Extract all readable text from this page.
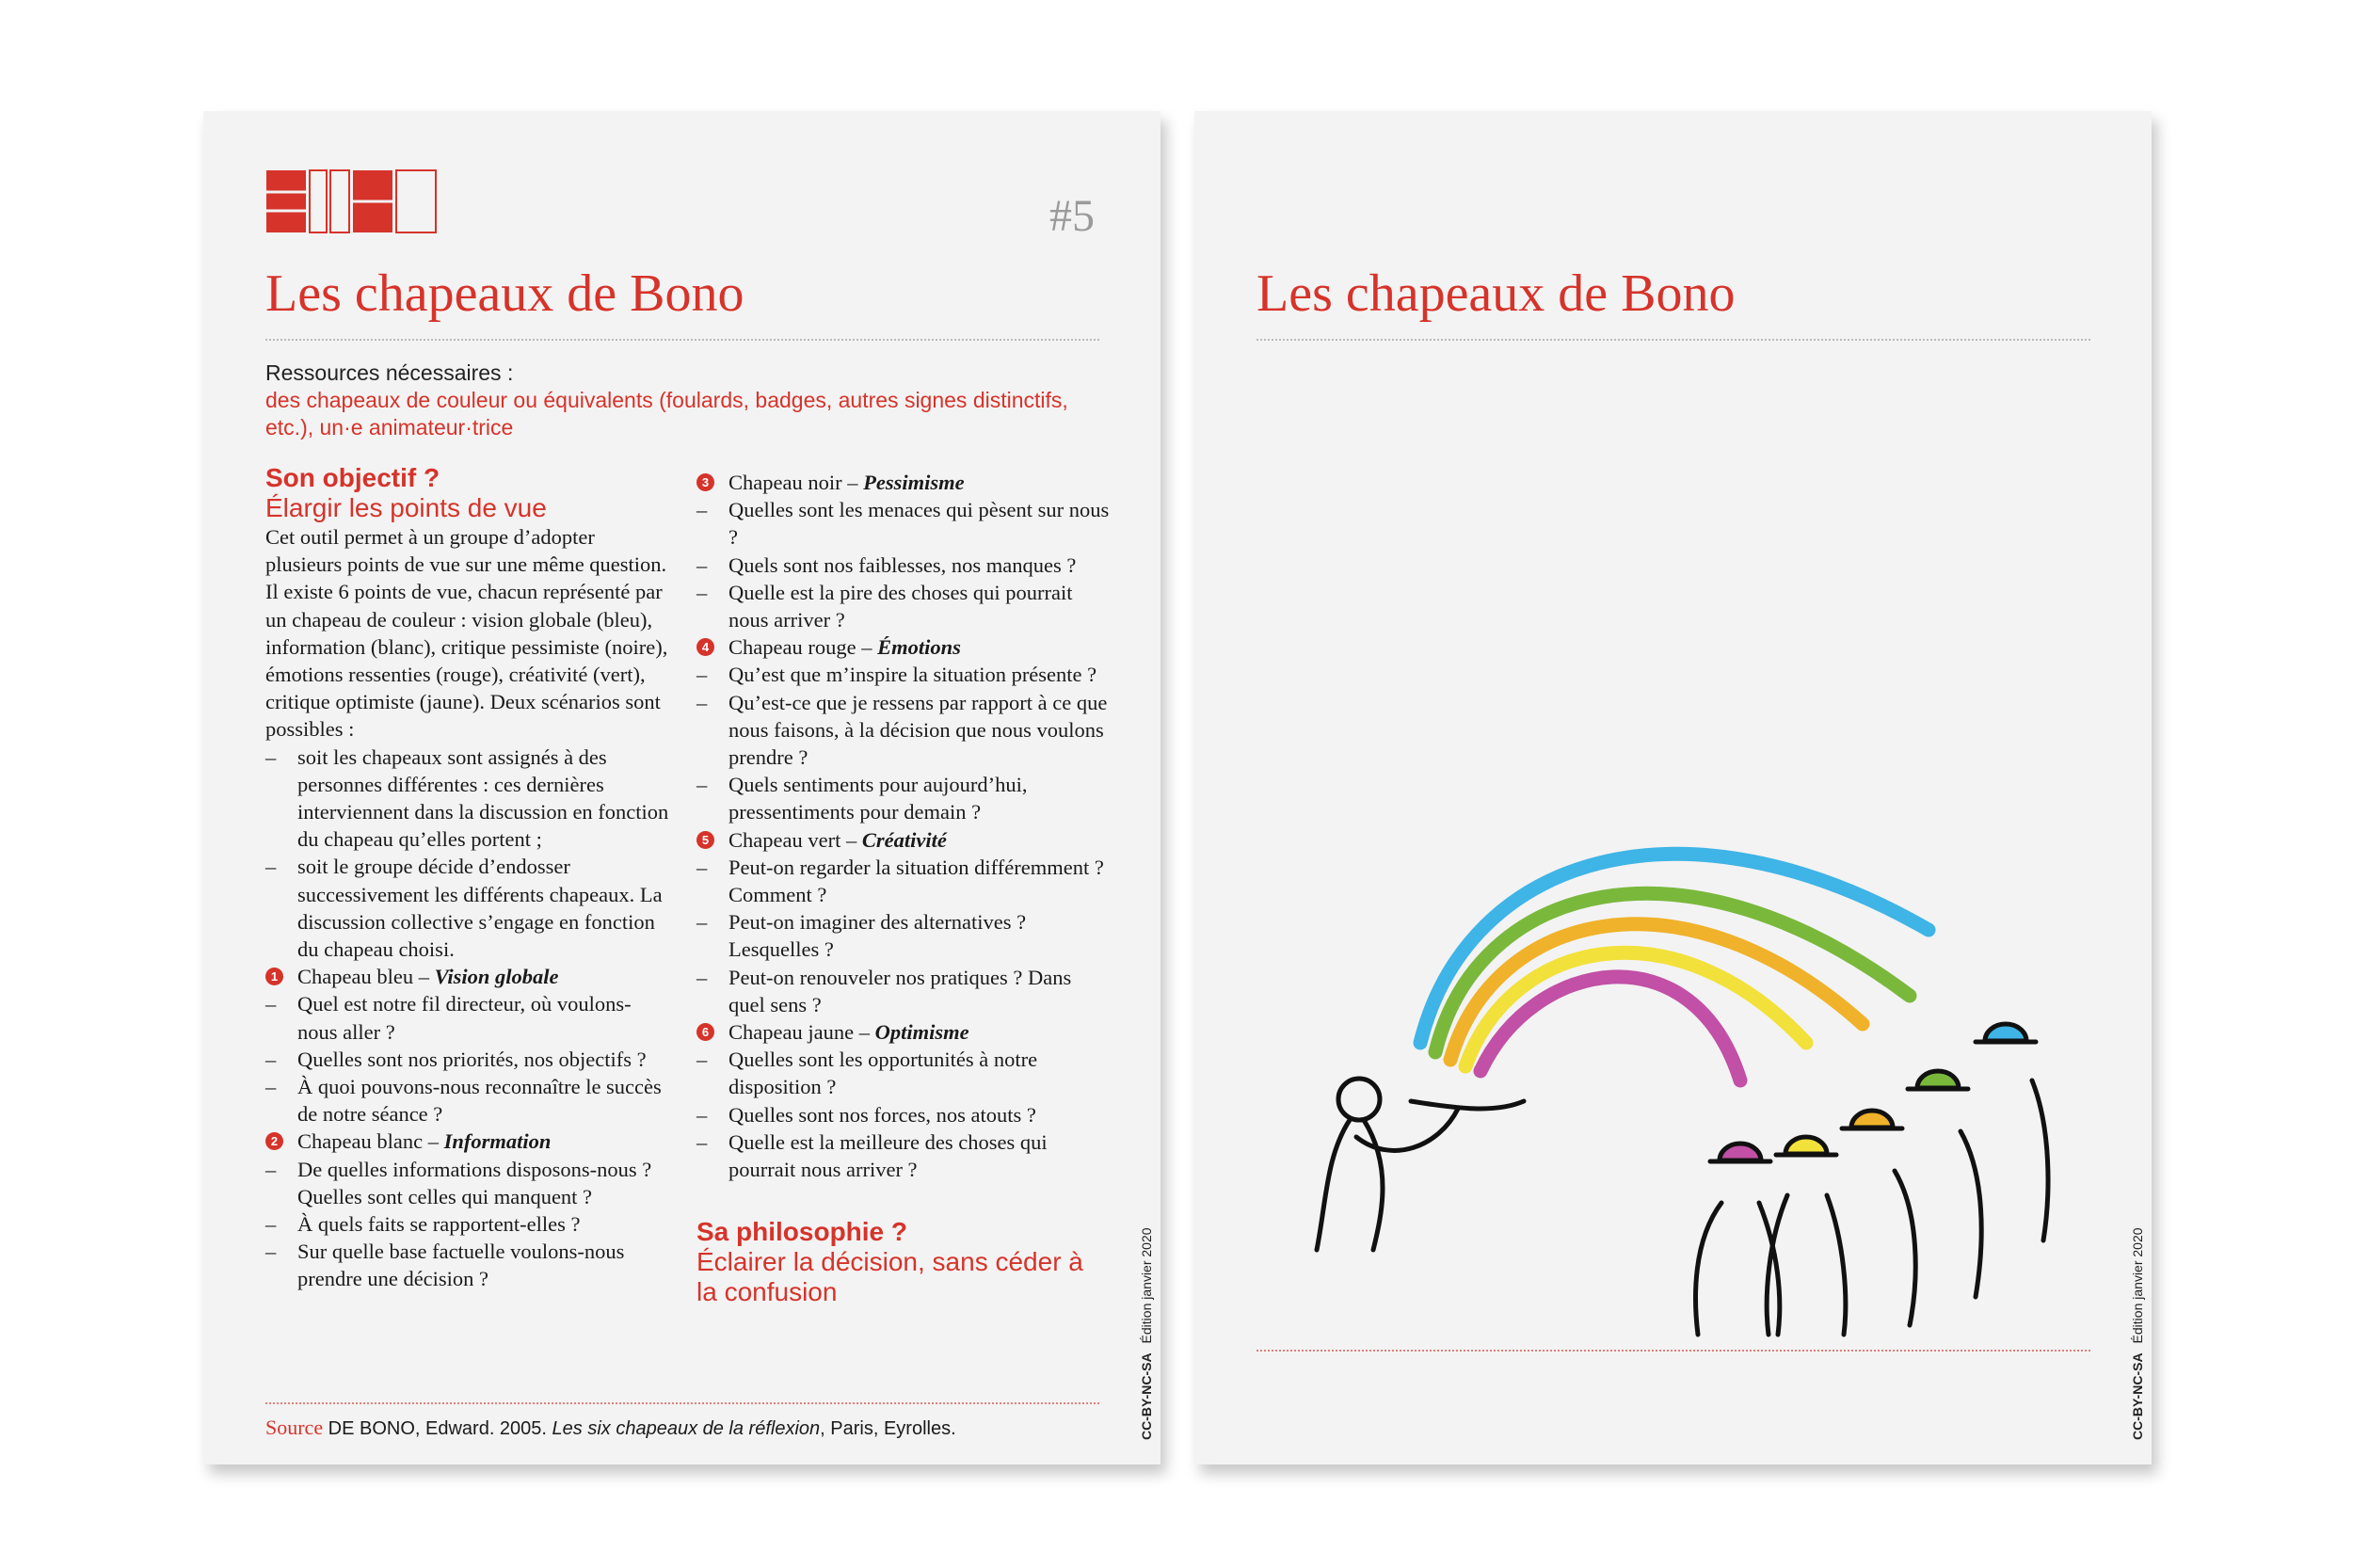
#5
Les chapeaux de Bono
Ressources nécessaires :
des chapeaux de couleur ou équivalents (foulards, badges, autres signes distinctifs, etc.), un·e animateur·trice
Son objectif ?
Élargir les points de vue

Cet outil permet à un groupe d’adopter plusieurs points de vue sur une même question. Il existe 6 points de vue, chacun représenté par un chapeau de couleur : vision globale (bleu), information (blanc), critique pessimiste (noire), émotions ressenties (rouge), créativité (vert), critique optimiste (jaune). Deux scénarios sont possibles :

–	soit les chapeaux sont assignés à des personnes différentes : ces dernières interviennent dans la discussion en fonction du chapeau qu’elles portent ;
–	soit le groupe décide d’endosser successivement les différents chapeaux. La discussion collective s’engage en fonction du chapeau choisi.
1 Chapeau bleu – Vision globale
–	Quel est notre fil directeur, où voulons-nous aller ?
–	Quelles sont nos priorités, nos objectifs ?
–	À quoi pouvons-nous reconnaître le succès de notre séance ?
2 Chapeau blanc – Information
–	De quelles informations disposons-nous ? Quelles sont celles qui manquent ?
–	À quels faits se rapportent-elles ?
–	Sur quelle base factuelle voulons-nous prendre une décision ?
3 Chapeau noir – Pessimisme
–	Quelles sont les menaces qui pèsent sur nous ?
–	Quels sont nos faiblesses, nos manques ?
–	Quelle est la pire des choses qui pourrait nous arriver ?
4 Chapeau rouge – Émotions
–	Qu’est que m’inspire la situation présente ?
–	Qu’est-ce que je ressens par rapport à ce que nous faisons, à la décision que nous voulons prendre ?
–	Quels sentiments pour aujourd’hui, pressentiments pour demain ?
5 Chapeau vert – Créativité
–	Peut-on regarder la situation différemment ? Comment ?
–	Peut-on imaginer des alternatives ? Lesquelles ?
–	Peut-on renouveler nos pratiques ? Dans quel sens ?
6 Chapeau jaune – Optimisme
–	Quelles sont les opportunités à notre disposition ?
–	Quelles sont nos forces, nos atouts ?
–	Quelle est la meilleure des choses qui pourrait nous arriver ?
Sa philosophie ?
Éclairer la décision, sans céder à la confusion
Source DE BONO, Edward. 2005. Les six chapeaux de la réflexion, Paris, Eyrolles.	CC-BY-NC-SAÉdition janvier 2020
Les chapeaux de Bono
CC-BY-NC-SAÉdition janvier 2020
